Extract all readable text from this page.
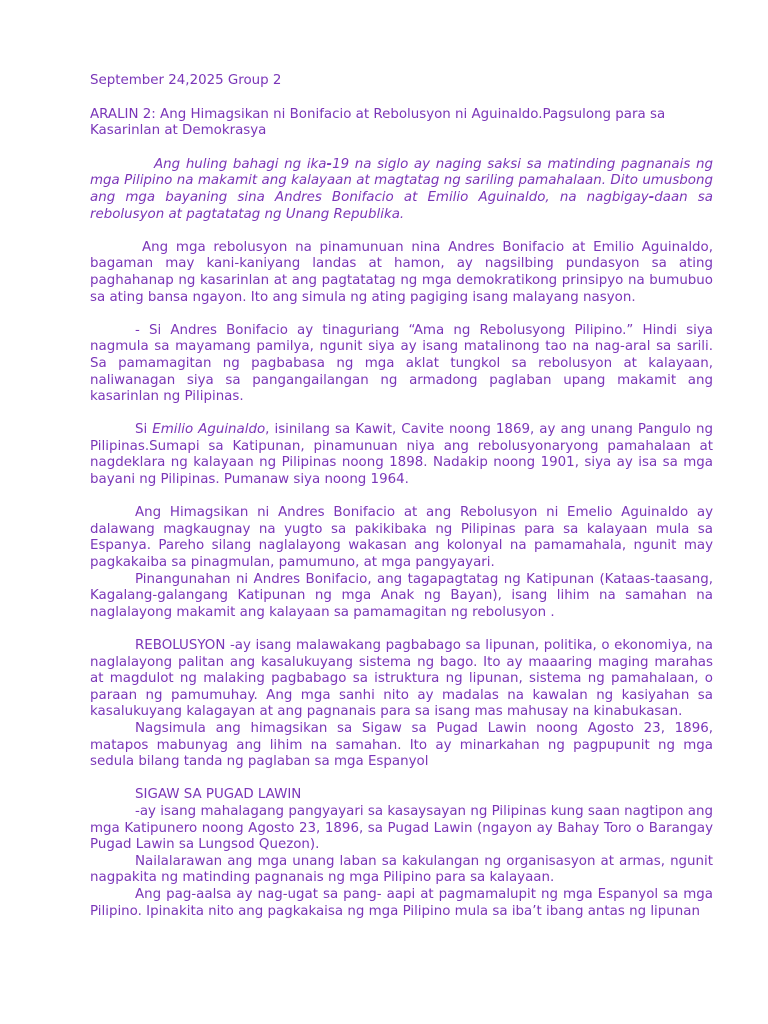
September 24,2025 Group 2

ARALIN 2: Ang Himagsikan ni Bonifacio at Rebolusyon ni Aguinaldo.Pagsulong para sa Kasarinlan at Demokrasya

Ang huling bahagi ng ika-19 na siglo ay naging saksi sa matinding pagnanais ng mga Pilipino na makamit ang kalayaan at magtatag ng sariling pamahalaan. Dito umusbong ang mga bayaning sina Andres Bonifacio at Emilio Aguinaldo, na nagbigay-daan sa rebolusyon at pagtatatag ng Unang Republika.

Ang mga rebolusyon na pinamunuan nina Andres Bonifacio at Emilio Aguinaldo, bagaman may kani-kaniyang landas at hamon, ay nagsilbing pundasyon sa ating paghahanap ng kasarinlan at ang pagtatatag ng mga demokratikong prinsipyo na bumubuo sa ating bansa ngayon. Ito ang simula ng ating pagiging isang malayang nasyon.

- Si Andres Bonifacio ay tinaguriang “Ama ng Rebolusyong Pilipino.” Hindi siya nagmula sa mayamang pamilya, ngunit siya ay isang matalinong tao na nag-aral sa sarili. Sa pamamagitan ng pagbabasa ng mga aklat tungkol sa rebolusyon at kalayaan, naliwanagan siya sa pangangailangan ng armadong paglaban upang makamit ang kasarinlan ng Pilipinas.

Si Emilio Aguinaldo, isinilang sa Kawit, Cavite noong 1869, ay ang unang Pangulo ng Pilipinas.Sumapi sa Katipunan, pinamunuan niya ang rebolusyonaryong pamahalaan at nagdeklara ng kalayaan ng Pilipinas noong 1898. Nadakip noong 1901, siya ay isa sa mga bayani ng Pilipinas. Pumanaw siya noong 1964.

Ang Himagsikan ni Andres Bonifacio at ang Rebolusyon ni Emelio Aguinaldo ay dalawang magkaugnay na yugto sa pakikibaka ng Pilipinas para sa kalayaan mula sa Espanya. Pareho silang naglalayong wakasan ang kolonyal na pamamahala, ngunit may pagkakaiba sa pinagmulan, pamumuno, at mga pangyayari.

Pinangunahan ni Andres Bonifacio, ang tagapagtatag ng Katipunan (Kataas-taasang, Kagalang-galangang Katipunan ng mga Anak ng Bayan), isang lihim na samahan na naglalayong makamit ang kalayaan sa pamamagitan ng rebolusyon .

REBOLUSYON -ay isang malawakang pagbabago sa lipunan, politika, o ekonomiya, na naglalayong palitan ang kasalukuyang sistema ng bago. Ito ay maaaring maging marahas at magdulot ng malaking pagbabago sa istruktura ng lipunan, sistema ng pamahalaan, o paraan ng pamumuhay. Ang mga sanhi nito ay madalas na kawalan ng kasiyahan sa kasalukuyang kalagayan at ang pagnanais para sa isang mas mahusay na kinabukasan.

Nagsimula ang himagsikan sa Sigaw sa Pugad Lawin noong Agosto 23, 1896, matapos mabunyag ang lihim na samahan. Ito ay minarkahan ng pagpupunit ng mga sedula bilang tanda ng paglaban sa mga Espanyol

SIGAW SA PUGAD LAWIN

-ay isang mahalagang pangyayari sa kasaysayan ng Pilipinas kung saan nagtipon ang mga Katipunero noong Agosto 23, 1896, sa Pugad Lawin (ngayon ay Bahay Toro o Barangay Pugad Lawin sa Lungsod Quezon).

Nailalarawan ang mga unang laban sa kakulangan ng organisasyon at armas, ngunit nagpakita ng matinding pagnanais ng mga Pilipino para sa kalayaan.

Ang pag-aalsa ay nag-ugat sa pang- aapi at pagmamalupit ng mga Espanyol sa mga Pilipino. Ipinakita nito ang pagkakaisa ng mga Pilipino mula sa iba’t ibang antas ng lipunan
